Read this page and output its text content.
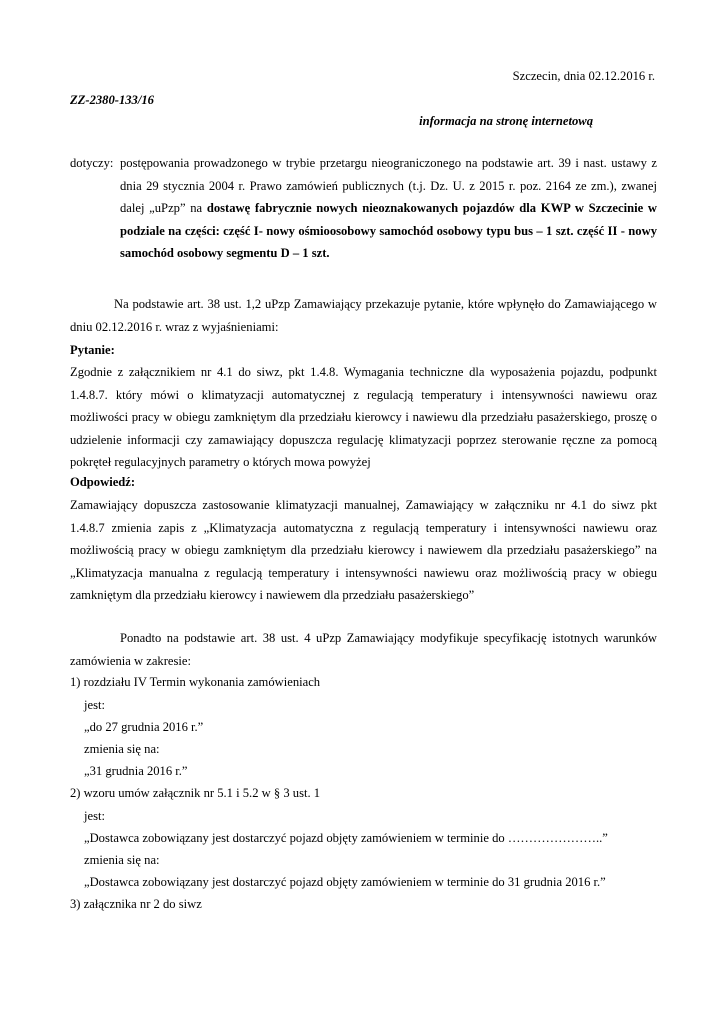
Szczecin, dnia 02.12.2016 r.
ZZ-2380-133/16
informacja na stronę internetową
dotyczy: postępowania prowadzonego w trybie przetargu nieograniczonego na podstawie art. 39 i nast. ustawy z dnia 29 stycznia 2004 r. Prawo zamówień publicznych (t.j. Dz. U. z 2015 r. poz. 2164 ze zm.), zwanej dalej „uPzp” na dostawę fabrycznie nowych nieoznakowanych pojazdów dla KWP w Szczecinie w podziale na części: część I- nowy ośmioosobowy samochód osobowy typu bus – 1 szt. część II - nowy samochód osobowy segmentu D – 1 szt.
Na podstawie art. 38 ust. 1,2 uPzp Zamawiający przekazuje pytanie, które wpłynęło do Zamawiającego w dniu 02.12.2016 r. wraz z wyjaśnieniami:
Pytanie:
Zgodnie z załącznikiem nr 4.1 do siwz, pkt 1.4.8. Wymagania techniczne dla wyposażenia pojazdu, podpunkt 1.4.8.7. który mówi o klimatyzacji automatycznej z regulacją temperatury i intensywności nawiewu oraz możliwości pracy w obiegu zamkniętym dla przedziału kierowcy i nawiewu dla przedziału pasażerskiego, proszę o udzielenie informacji czy zamawiający dopuszcza regulację klimatyzacji poprzez sterowanie ręczne za pomocą pokręteł regulacyjnych parametry o których mowa powyżej
Odpowiedź:
Zamawiający dopuszcza zastosowanie klimatyzacji manualnej, Zamawiający w załączniku nr 4.1 do siwz pkt 1.4.8.7 zmienia zapis z „Klimatyzacja automatyczna z regulacją temperatury i intensywności nawiewu oraz możliwością pracy w obiegu zamkniętym dla przedziału kierowcy i nawiewem dla przedziału pasażerskiego” na „Klimatyzacja manualna z regulacją temperatury i intensywności nawiewu oraz możliwością pracy w obiegu zamkniętym dla przedziału kierowcy i nawiewem dla przedziału pasażerskiego”
Ponadto na podstawie art. 38 ust. 4 uPzp Zamawiający modyfikuje specyfikację istotnych warunków zamówienia w zakresie:
1) rozdziału IV Termin wykonania zamówieniach
jest:
„do 27 grudnia 2016 r.”
zmienia się na:
„31 grudnia 2016 r.”
2) wzoru umów załącznik nr 5.1 i 5.2 w § 3 ust. 1
jest:
„Dostawca zobowiązany jest dostarczyć pojazd objęty zamówieniem w terminie do …………………..”
zmienia się na:
„Dostawca zobowiązany jest dostarczyć pojazd objęty zamówieniem w terminie do 31 grudnia 2016 r.”
3) załącznika nr 2 do siwz
